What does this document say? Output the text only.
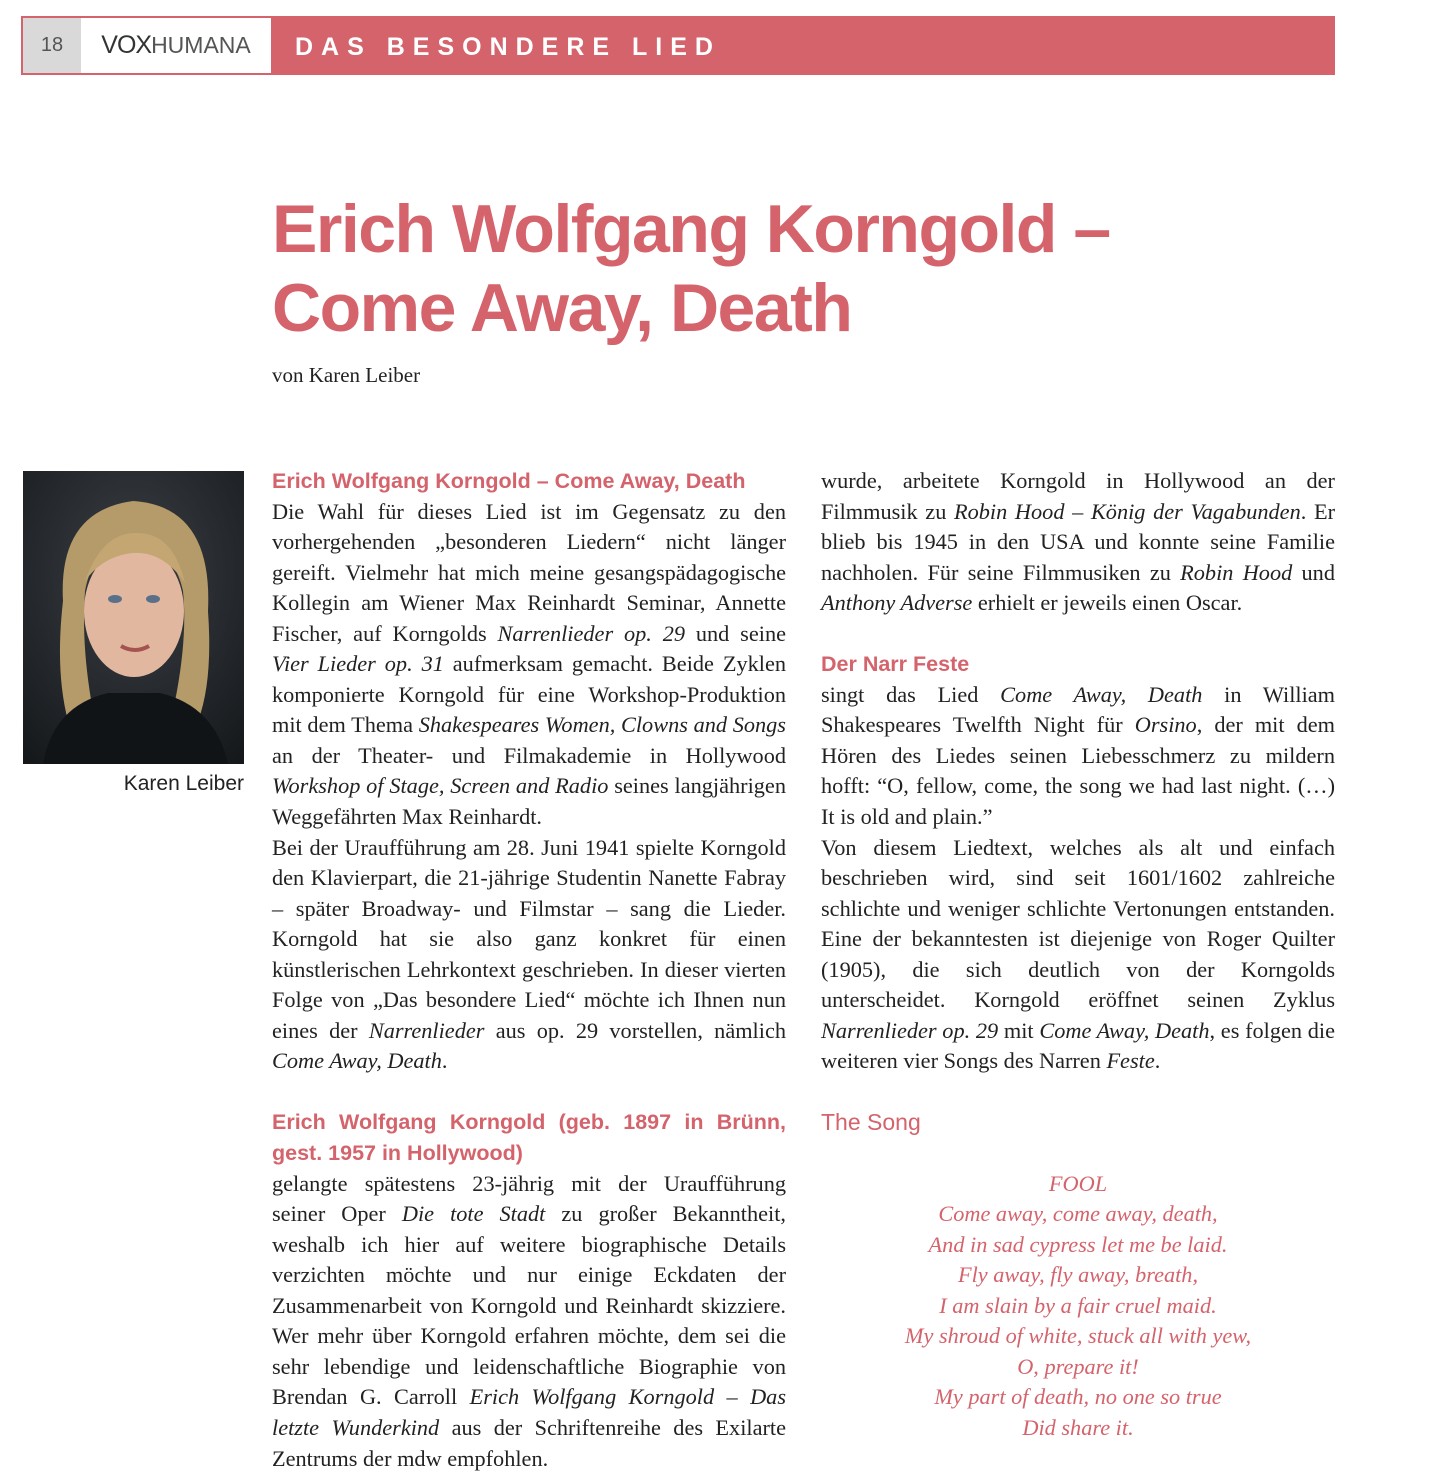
18	VOX HUMANA DAS BESONDERE LIED
Erich Wolfgang Korngold –
Come Away, Death
von Karen Leiber
Karen Leiber
Erich Wolfgang Korngold – Come Away, Death

Die Wahl für dieses Lied ist im Gegensatz zu den vorhergehenden „besonderen Liedern“ nicht länger gereift. Vielmehr hat mich meine gesangspädagogische Kollegin am Wiener Max Reinhardt Seminar, Annette Fischer, auf Korngolds Narrenlieder op. 29 und seine Vier Lieder op. 31 aufmerksam gemacht. Beide Zyklen komponierte Korngold für eine Workshop-Produktion mit dem Thema Shakespeares Women, Clowns and Songs an der Theater- und Filmakademie in Hollywood Workshop of Stage, Screen and Radio seines langjährigen Weggefährten Max Reinhardt.

Bei der Uraufführung am 28. Juni 1941 spielte Korngold den Klavierpart, die 21-jährige Studentin Nanette Fabray – später Broadway- und Filmstar – sang die Lieder. Korngold hat sie also ganz konkret für einen künstlerischen Lehrkontext geschrieben. In dieser vierten Folge von „Das besondere Lied“ möchte ich Ihnen nun eines der Narrenlieder aus op. 29 vorstellen, nämlich Come Away, Death.

Erich Wolfgang Korngold (geb. 1897 in Brünn, gest. 1957 in Hollywood)

gelangte spätestens 23-jährig mit der Uraufführung seiner Oper Die tote Stadt zu großer Bekanntheit, weshalb ich hier auf weitere biographische Details verzichten möchte und nur einige Eckdaten der Zusammenarbeit von Korngold und Reinhardt skizziere. Wer mehr über Korngold erfahren möchte, dem sei die sehr lebendige und leidenschaftliche Biographie von Brendan G. Carroll Erich Wolfgang Korngold – Das letzte Wunderkind aus der Schriftenreihe des Exilarte Zentrums der mdw empfohlen.

wurde, arbeitete Korngold in Hollywood an der Filmmusik zu Robin Hood – König der Vagabunden. Er blieb bis 1945 in den USA und konnte seine Familie nachholen. Für seine Filmmusiken zu Robin Hood und Anthony Adverse erhielt er jeweils einen Oscar.

Der Narr Feste

singt das Lied Come Away, Death in William Shakespeares Twelfth Night für Orsino, der mit dem Hören des Liedes seinen Liebesschmerz zu mildern hofft: “O, fellow, come, the song we had last night. (…) It is old and plain.”

Von diesem Liedtext, welches als alt und einfach beschrieben wird, sind seit 1601/1602 zahlreiche schlichte und weniger schlichte Vertonungen entstanden. Eine der bekanntesten ist diejenige von Roger Quilter (1905), die sich deutlich von der Korngolds unterscheidet. Korngold eröffnet seinen Zyklus Narrenlieder op. 29 mit Come Away, Death, es folgen die weiteren vier Songs des Narren Feste.

The Song
FOOL
Come away, come away, death,
And in sad cypress let me be laid.
Fly away, fly away, breath,
I am slain by a fair cruel maid.
My shroud of white, stuck all with yew,
O, prepare it!
My part of death, no one so true
Did share it.
